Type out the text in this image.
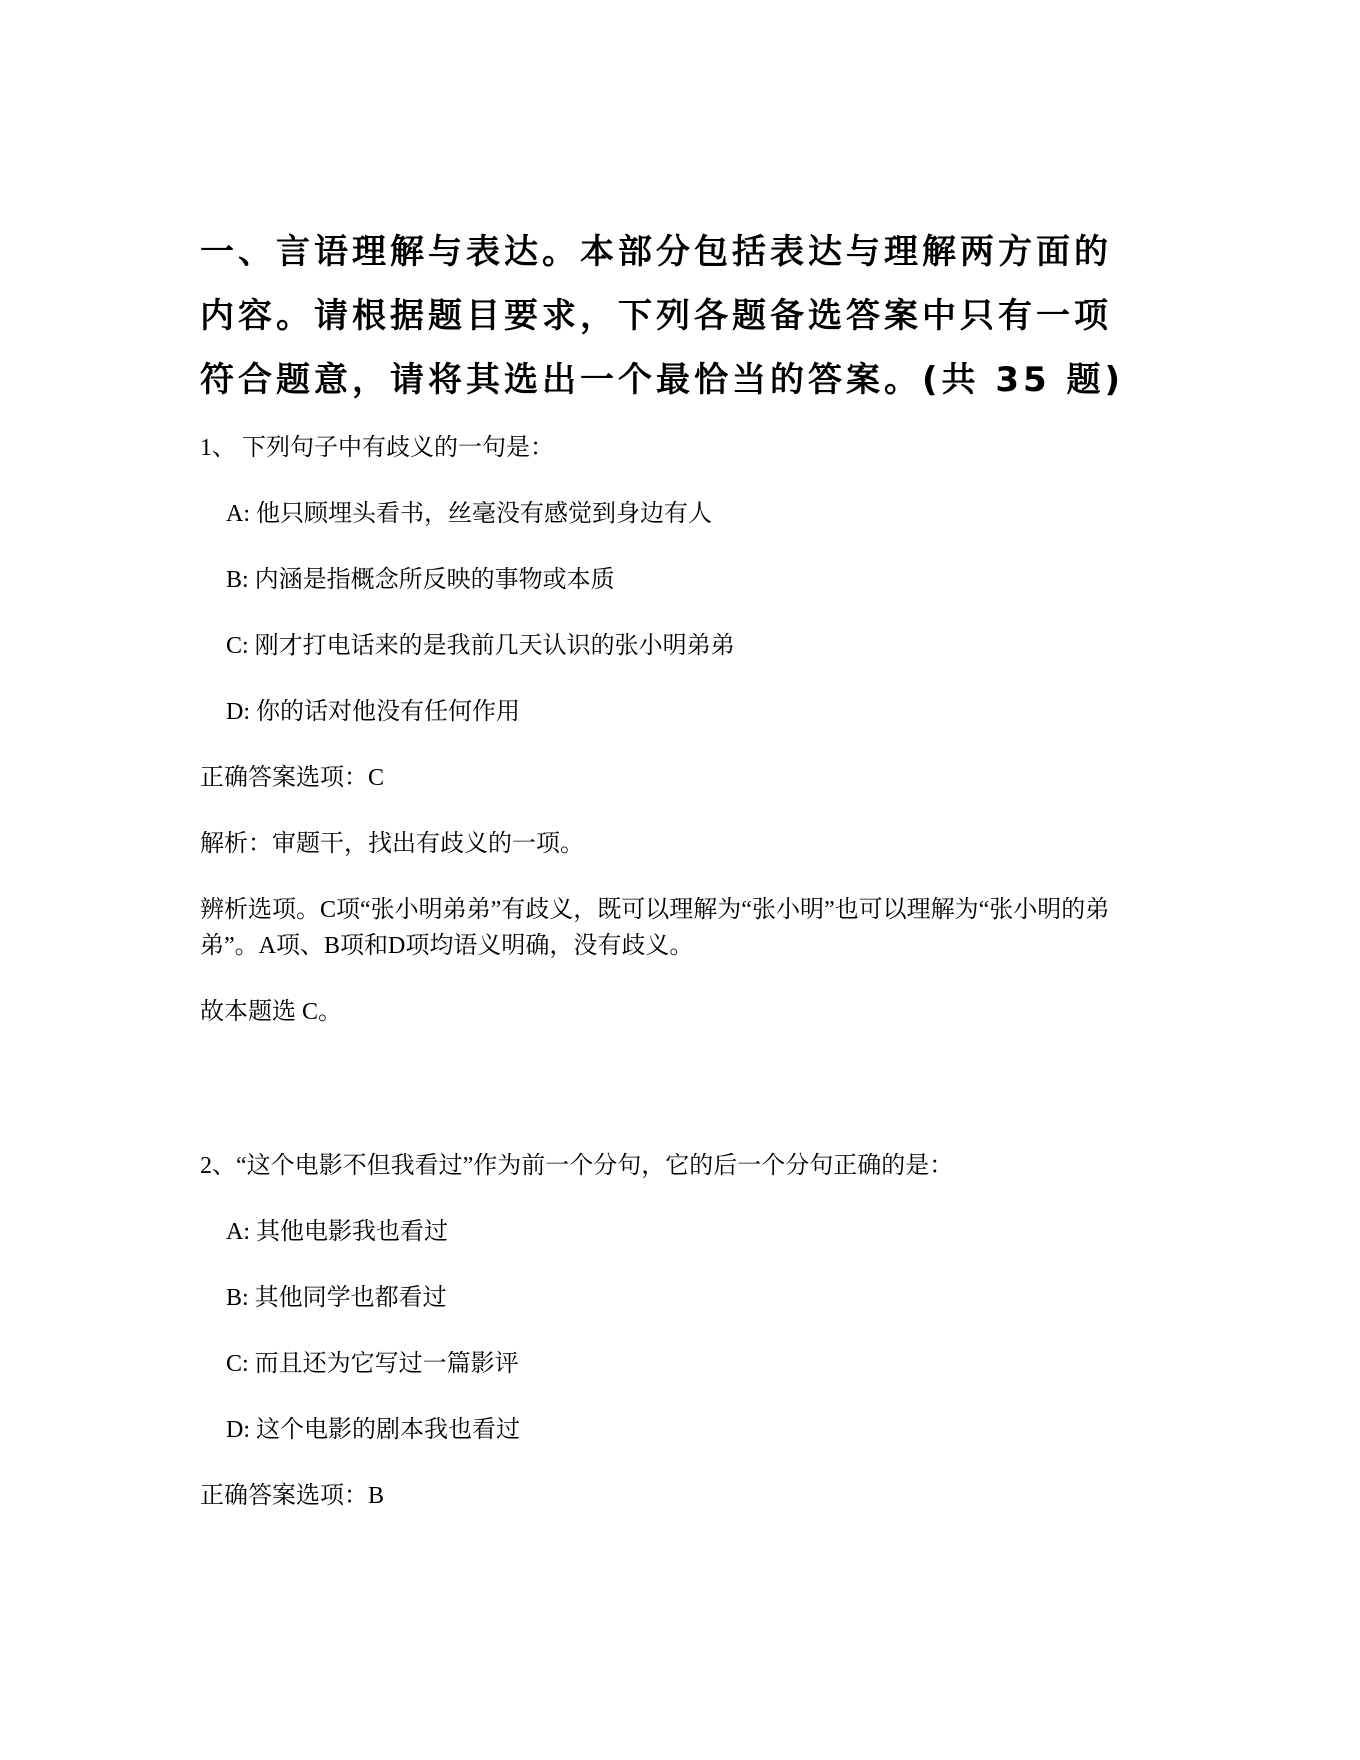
一、言语理解与表达。本部分包括表达与理解两方面的内容。请根据题目要求，下列各题备选答案中只有一项符合题意，请将其选出一个最恰当的答案。(共 35 题)

1、 下列句子中有歧义的一句是：

A: 他只顾埋头看书，丝毫没有感觉到身边有人

B: 内涵是指概念所反映的事物或本质

C: 刚才打电话来的是我前几天认识的张小明弟弟

D: 你的话对他没有任何作用

正确答案选项：C

解析：审题干，找出有歧义的一项。

辨析选项。C项“张小明弟弟”有歧义，既可以理解为“张小明”也可以理解为“张小明的弟弟”。A项、B项和D项均语义明确，没有歧义。

故本题选 C。

2、“这个电影不但我看过”作为前一个分句，它的后一个分句正确的是：

A: 其他电影我也看过

B: 其他同学也都看过

C: 而且还为它写过一篇影评

D: 这个电影的剧本我也看过

正确答案选项：B
